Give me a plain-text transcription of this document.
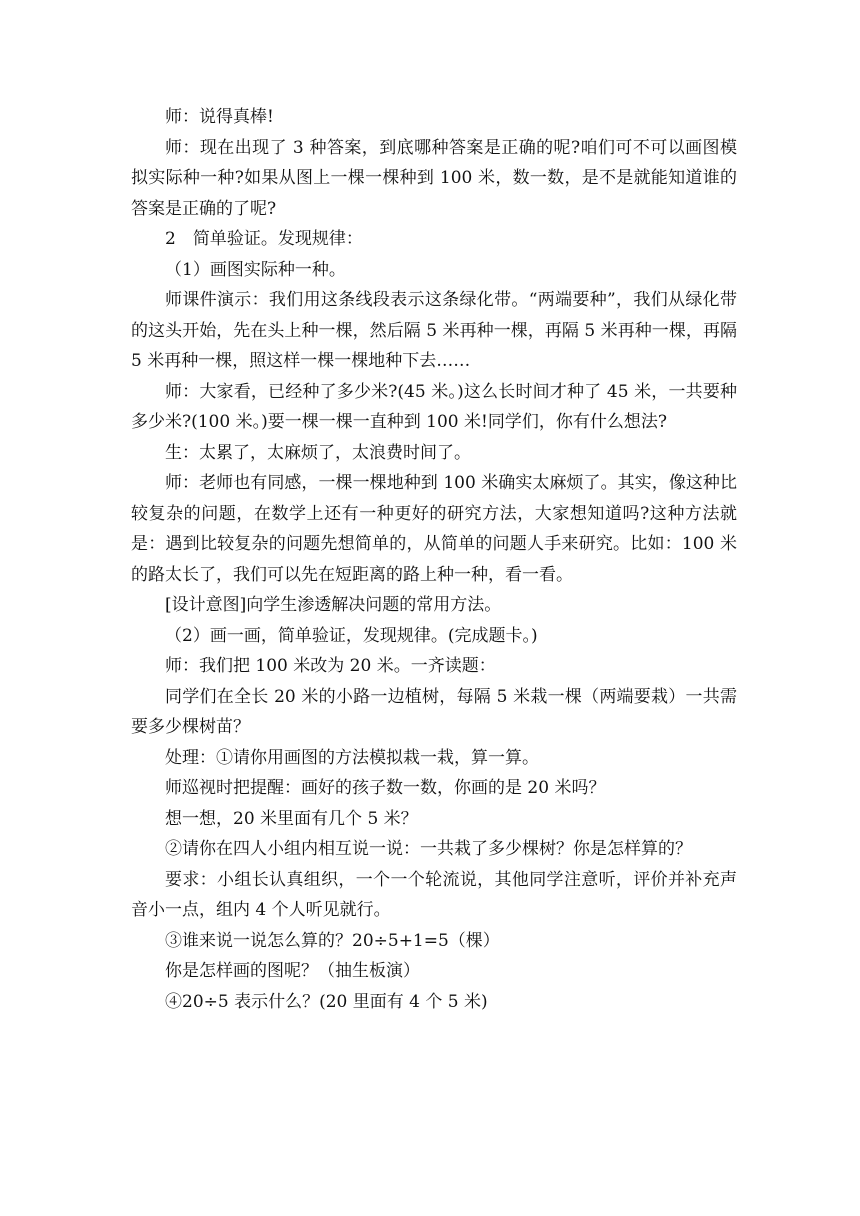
师：说得真棒!

师：现在出现了 3 种答案，到底哪种答案是正确的呢?咱们可不可以画图模拟实际种一种?如果从图上一棵一棵种到 100 米，数一数，是不是就能知道谁的答案是正确的了呢?

2　简单验证。发现规律：

（1）画图实际种一种。

师课件演示：我们用这条线段表示这条绿化带。“两端要种”，我们从绿化带的这头开始，先在头上种一棵，然后隔 5 米再种一棵，再隔 5 米再种一棵，再隔 5 米再种一棵，照这样一棵一棵地种下去……

师：大家看，已经种了多少米?(45 米。)这么长时间才种了 45 米，一共要种多少米?(100 米。)要一棵一棵一直种到 100 米!同学们，你有什么想法?

生：太累了，太麻烦了，太浪费时间了。

师：老师也有同感，一棵一棵地种到 100 米确实太麻烦了。其实，像这种比较复杂的问题，在数学上还有一种更好的研究方法，大家想知道吗?这种方法就是：遇到比较复杂的问题先想简单的，从简单的问题人手来研究。比如：100 米的路太长了，我们可以先在短距离的路上种一种，看一看。

[设计意图]向学生渗透解决问题的常用方法。

（2）画一画，简单验证，发现规律。(完成题卡。)

师：我们把 100 米改为 20 米。一齐读题：

同学们在全长 20 米的小路一边植树，每隔 5 米栽一棵（两端要栽）一共需要多少棵树苗？

处理：①请你用画图的方法模拟栽一栽，算一算。

师巡视时把提醒：画好的孩子数一数，你画的是 20 米吗？

想一想，20 米里面有几个 5 米？

②请你在四人小组内相互说一说：一共栽了多少棵树？你是怎样算的？

要求：小组长认真组织，一个一个轮流说，其他同学注意听，评价并补充声音小一点，组内 4 个人听见就行。

③谁来说一说怎么算的？20÷5+1=5（棵）

你是怎样画的图呢？（抽生板演）

④20÷5 表示什么？(20 里面有 4 个 5 米)
